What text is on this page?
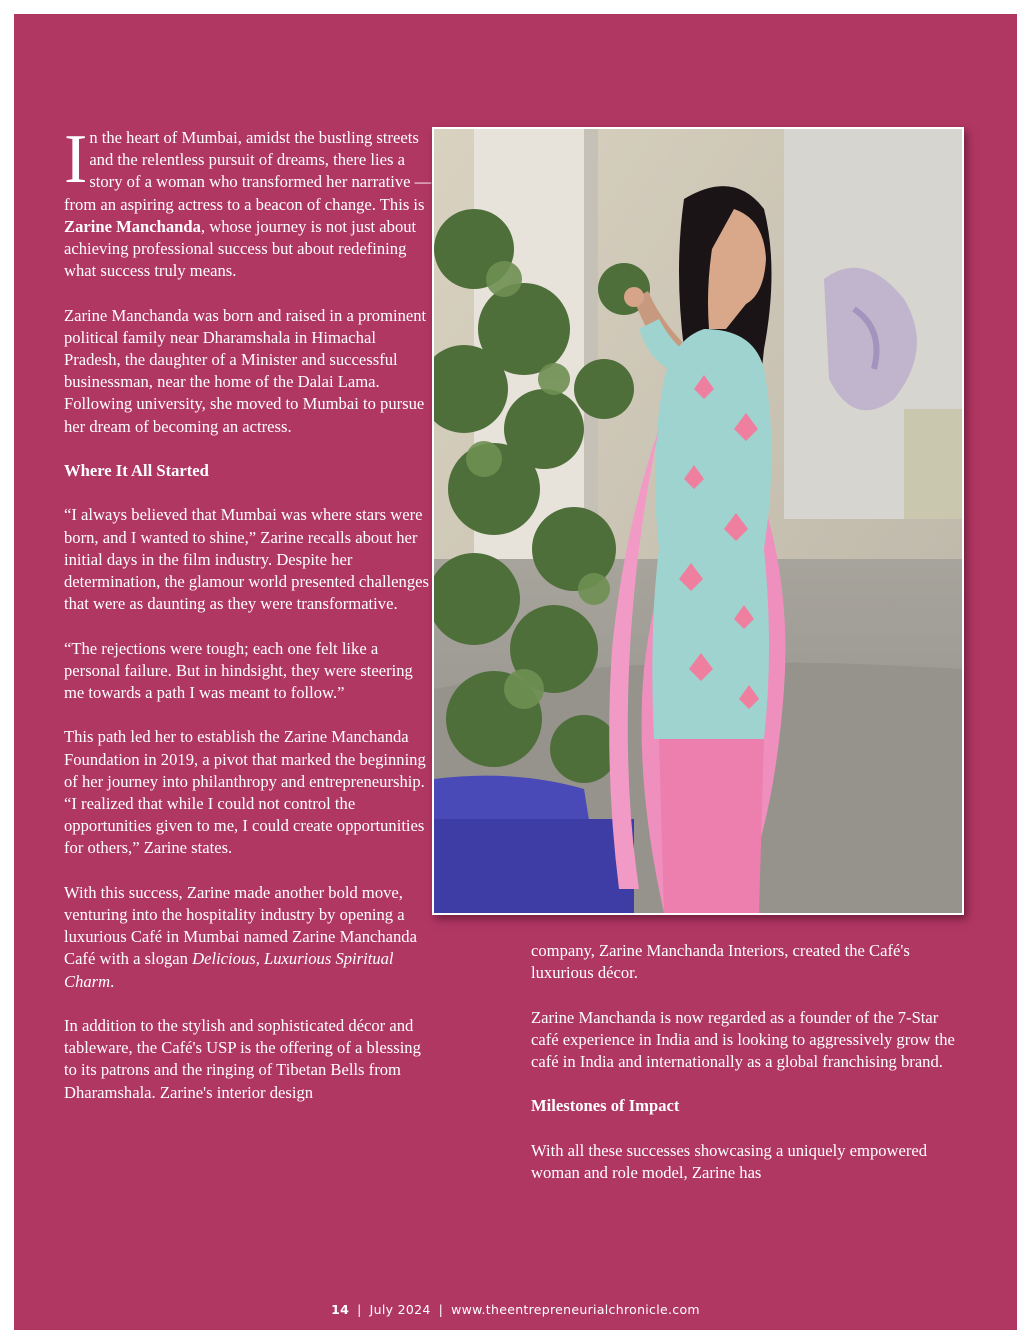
In the heart of Mumbai, amidst the bustling streets and the relentless pursuit of dreams, there lies a story of a woman who transformed her narrative — from an aspiring actress to a beacon of change. This is Zarine Manchanda, whose journey is not just about achieving professional success but about redefining what success truly means.

Zarine Manchanda was born and raised in a prominent political family near Dharamshala in Himachal Pradesh, the daughter of a Minister and successful businessman, near the home of the Dalai Lama. Following university, she moved to Mumbai to pursue her dream of becoming an actress.

Where It All Started

“I always believed that Mumbai was where stars were born, and I wanted to shine,” Zarine recalls about her initial days in the film industry. Despite her determination, the glamour world presented challenges that were as daunting as they were transformative.

“The rejections were tough; each one felt like a personal failure. But in hindsight, they were steering me towards a path I was meant to follow.”

This path led her to establish the Zarine Manchanda Foundation in 2019, a pivot that marked the beginning of her journey into philanthropy and entrepreneurship. “I realized that while I could not control the opportunities given to me, I could create opportunities for others,” Zarine states.

With this success, Zarine made another bold move, venturing into the hospitality industry by opening a luxurious Café in Mumbai named Zarine Manchanda Café with a slogan Delicious, Luxurious Spiritual Charm.

In addition to the stylish and sophisticated décor and tableware, the Café's USP is the offering of a blessing to its patrons and the ringing of Tibetan Bells from Dharamshala. Zarine's interior design

company, Zarine Manchanda Interiors, created the Café's luxurious décor.

Zarine Manchanda is now regarded as a founder of the 7-Star café experience in India and is looking to aggressively grow the café in India and internationally as a global franchising brand.

Milestones of Impact

With all these successes showcasing a uniquely empowered woman and role model, Zarine has

14 | July 2024 | www.theentrepreneurialchronicle.com
